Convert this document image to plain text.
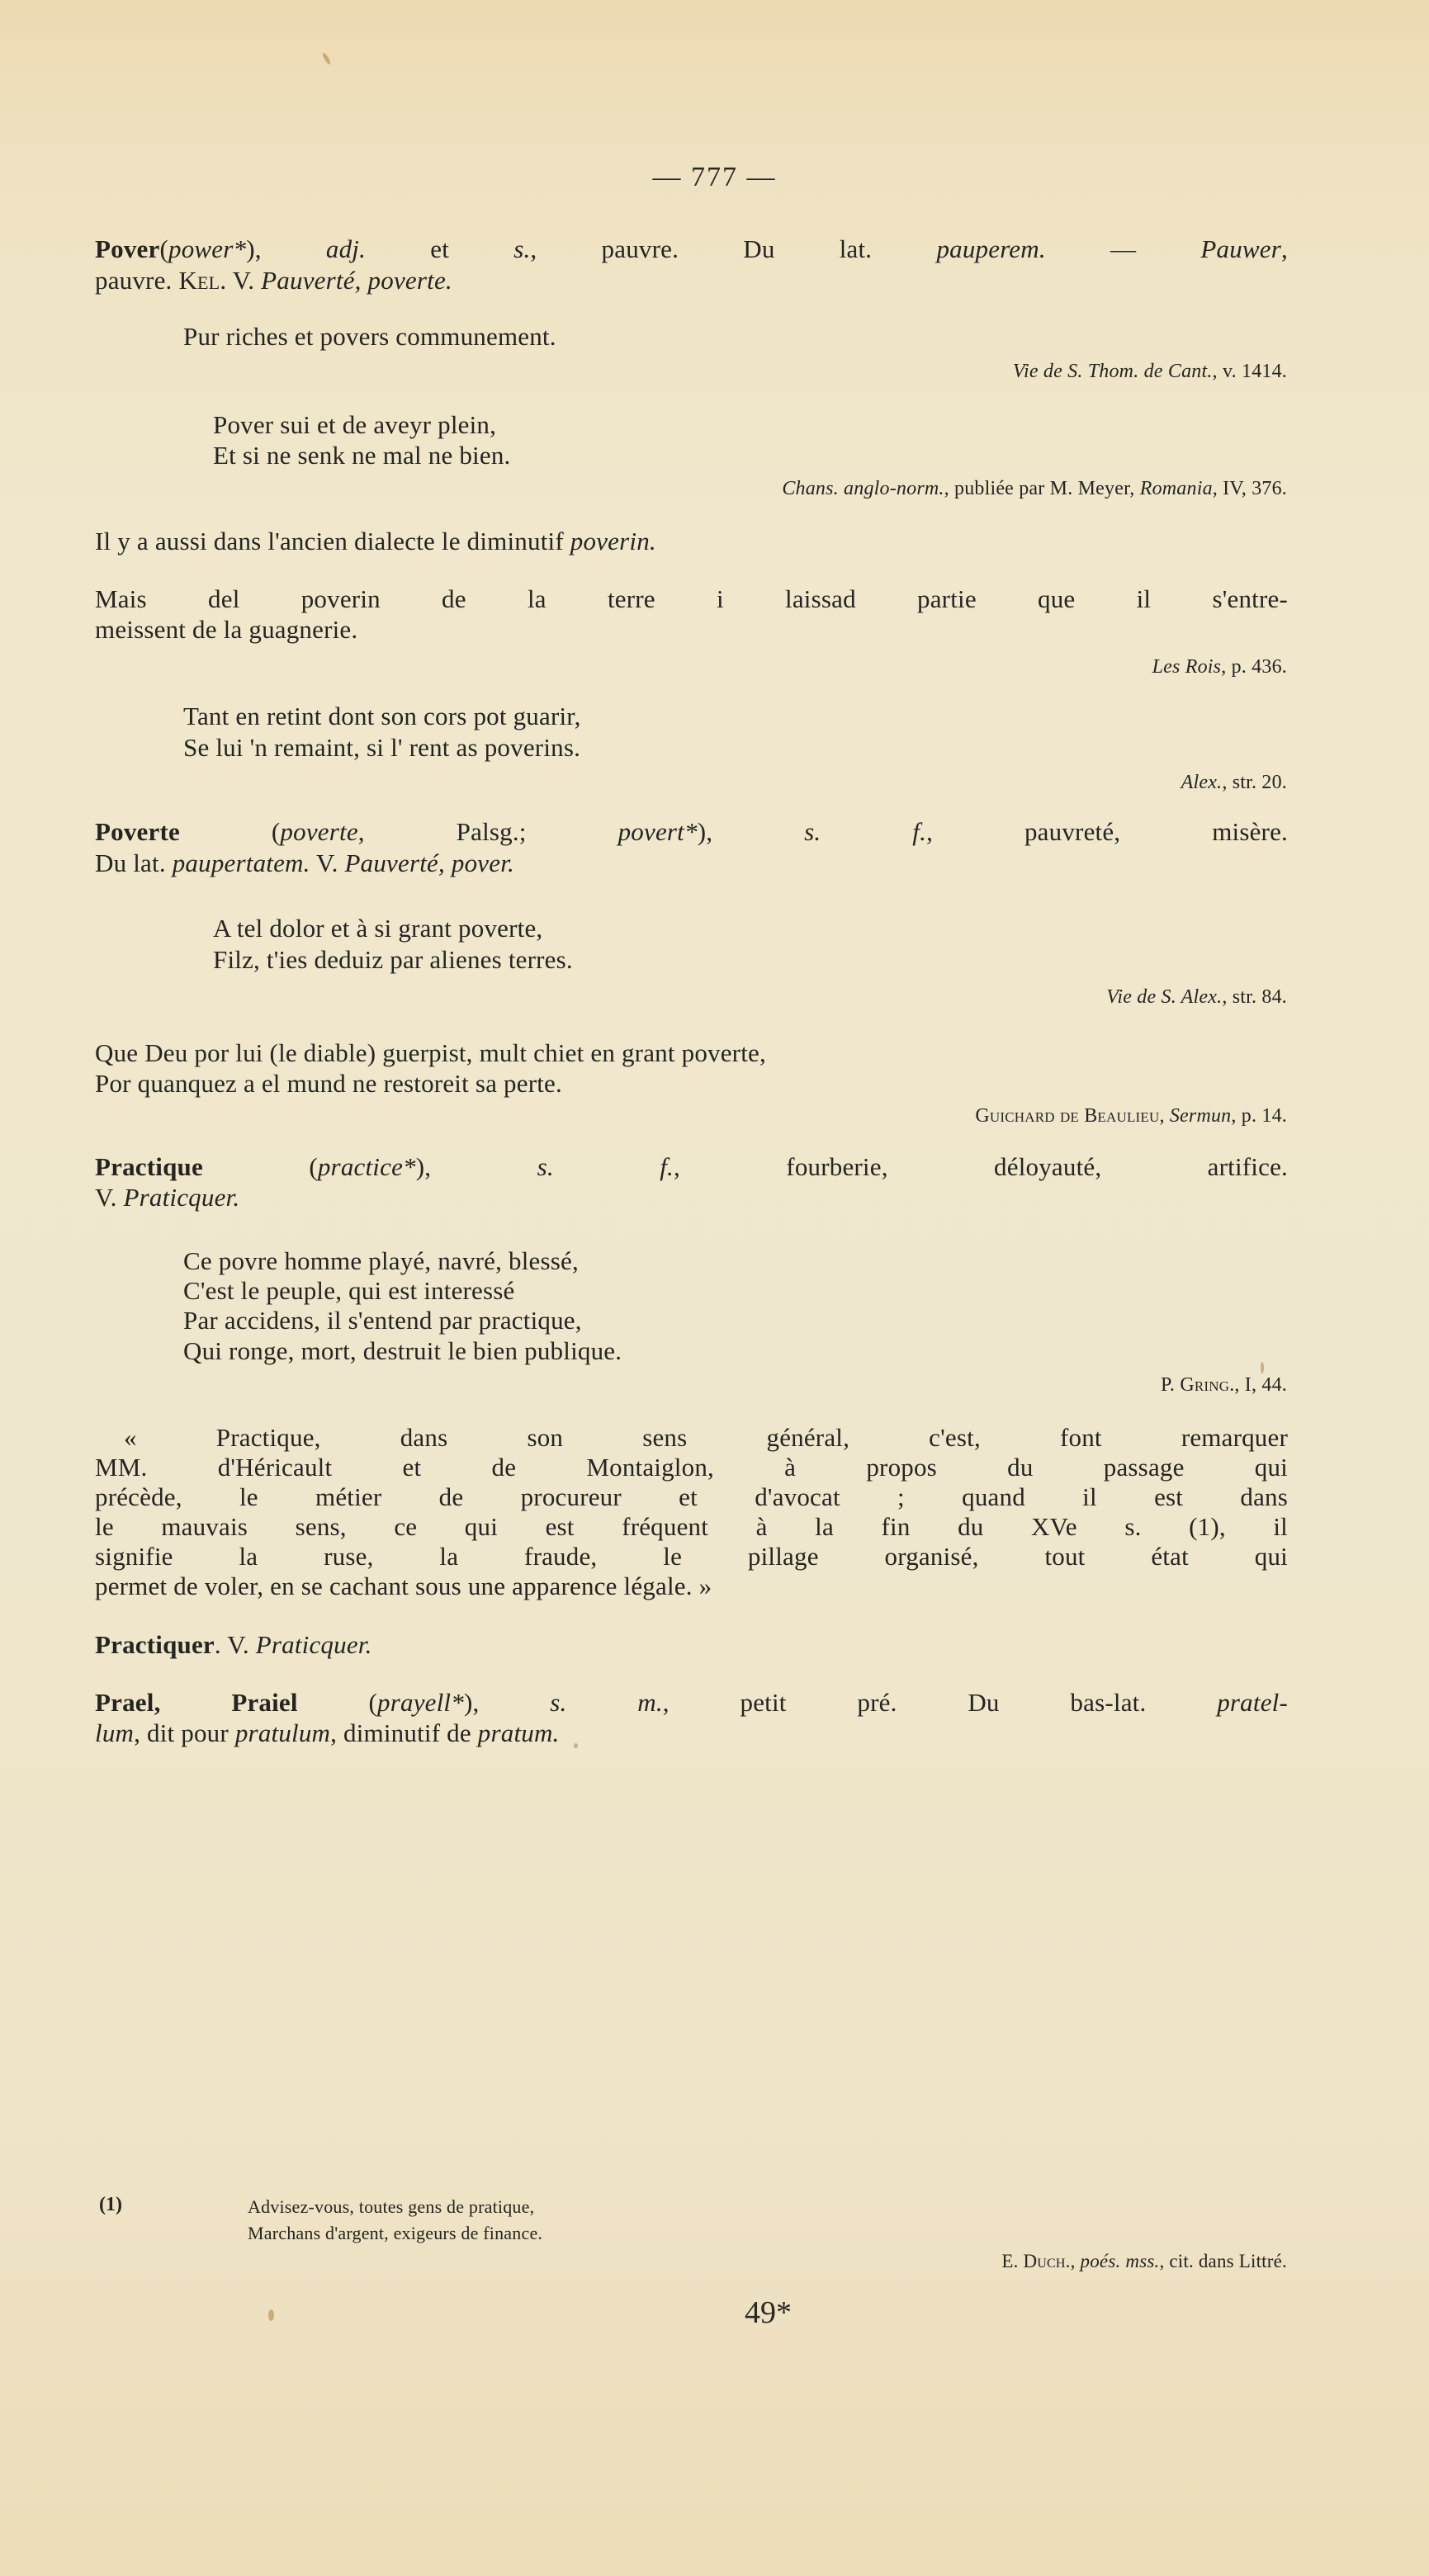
— 777 —
Pover(power*), adj. et s., pauvre. Du lat. pauperem. — Pauwer,
pauvre. Kel. V. Pauverté, poverte.
Pur riches et povers communement.
Vie de S. Thom. de Cant., v. 1414.
Pover sui et de aveyr plein,
Et si ne senk ne mal ne bien.
Chans. anglo-norm., publiée par M. Meyer, Romania, IV, 376.
Il y a aussi dans l'ancien dialecte le diminutif poverin.
Mais del poverin de la terre i laissad partie que il s'entre-
meissent de la guagnerie.
Les Rois, p. 436.
Tant en retint dont son cors pot guarir,
Se lui 'n remaint, si l' rent as poverins.
Alex., str. 20.
Poverte (poverte, Palsg.; povert*), s. f., pauvreté, misère.
Du lat. paupertatem. V. Pauverté, pover.
A tel dolor et à si grant poverte,
Filz, t'ies deduiz par alienes terres.
Vie de S. Alex., str. 84.
Que Deu por lui (le diable) guerpist, mult chiet en grant poverte,
Por quanquez a el mund ne restoreit sa perte.
Guichard de Beaulieu, Sermun, p. 14.
Practique (practice*), s. f., fourberie, déloyauté, artifice.
V. Praticquer.
Ce povre homme playé, navré, blessé,
C'est le peuple, qui est interessé
Par accidens, il s'entend par practique,
Qui ronge, mort, destruit le bien publique.
P. Gring., I, 44.
« Practique, dans son sens général, c'est, font remarquer
MM. d'Héricault et de Montaiglon, à propos du passage qui
précède, le métier de procureur et d'avocat ; quand il est dans
le mauvais sens, ce qui est fréquent à la fin du XVe s. (1), il
signifie la ruse, la fraude, le pillage organisé, tout état qui
permet de voler, en se cachant sous une apparence légale. »
Practiquer. V. Praticquer.
Prael, Praiel (prayell*), s. m., petit pré. Du bas-lat. pratel-
lum, dit pour pratulum, diminutif de pratum.
(1)	Advisez-vous, toutes gens de pratique,
Marchans d'argent, exigeurs de finance.
E. Duch., poés. mss., cit. dans Littré.
49*
